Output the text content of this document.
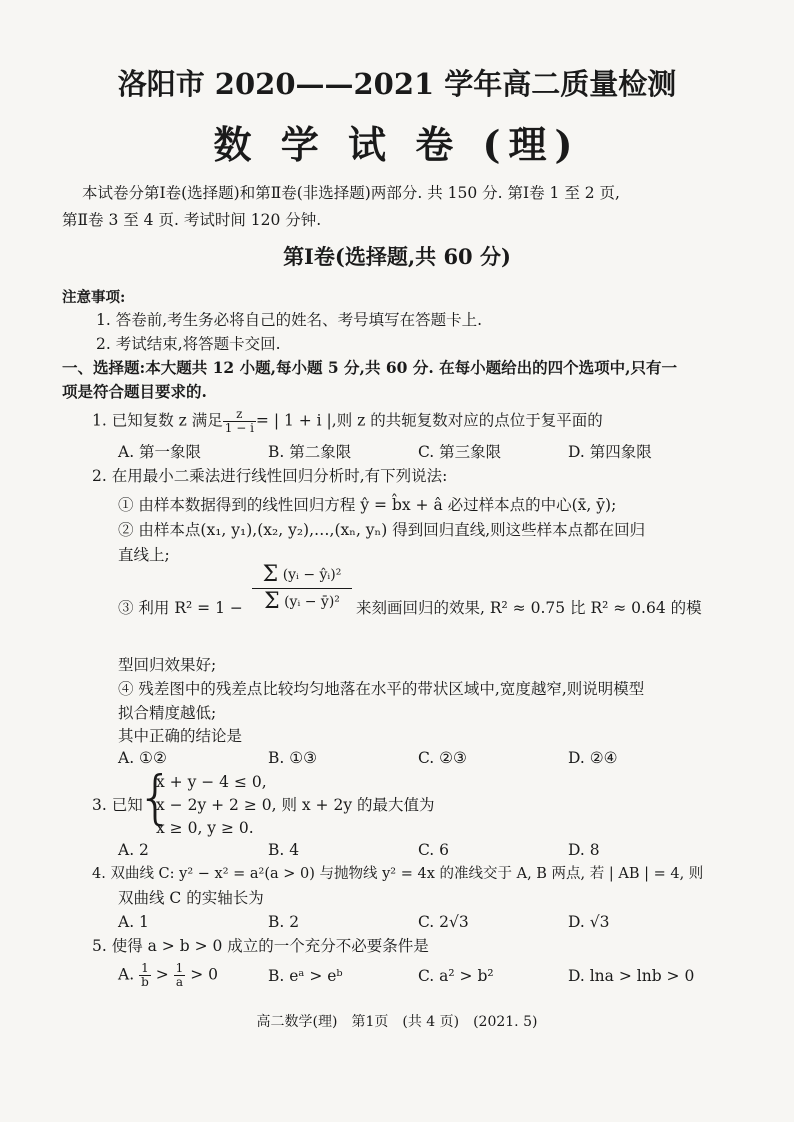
洛阳市 2020——2021 学年高二质量检测
数 学 试 卷 (理)
本试卷分第Ⅰ卷(选择题)和第Ⅱ卷(非选择题)两部分. 共 150 分. 第Ⅰ卷 1 至 2 页,
第Ⅱ卷 3 至 4 页. 考试时间 120 分钟.
第Ⅰ卷(选择题,共 60 分)
注意事项:
1. 答卷前,考生务必将自己的姓名、考号填写在答题卡上.
2. 考试结束,将答题卡交回.
一、选择题:本大题共 12 小题,每小题 5 分,共 60 分. 在每小题给出的四个选项中,只有一
项是符合题目要求的.
1. 已知复数 z 满足 $\frac{z}{1 - i}$ = | 1 + i |,则 z 的共轭复数对应的点位于复平面的
A. 第一象限	B. 第二象限	C. 第三象限	D. 第四象限
2. 在用最小二乘法进行线性回归分析时,有下列说法:
① 由样本数据得到的线性回归方程 ŷ = b̂x + â 必过样本点的中心(x̄, ȳ);
② 由样本点(x₁, y₁),(x₂, y₂),…,(xₙ, yₙ) 得到回归直线,则这些样本点都在回归
直线上;
③ 利用 R² = 1 −
Σ (yᵢ − ŷᵢ)²
Σ (yᵢ − ȳ)²	来刻画回归的效果, R² ≈ 0.75 比 R² ≈ 0.64 的模
型回归效果好;
④ 残差图中的残差点比较均匀地落在水平的带状区域中,宽度越窄,则说明模型
拟合精度越低;
其中正确的结论是
A. ①②	B. ①③	C. ②③	D. ②④
3. 已知
{
x + y − 4 ≤ 0,
x − 2y + 2 ≥ 0, 则 x + 2y 的最大值为
x ≥ 0, y ≥ 0.
A. 2	B. 4	C. 6	D. 8
4. 双曲线 C: y² − x² = a²(a > 0) 与抛物线 y² = 4x 的准线交于 A, B 两点, 若 | AB | = 4, 则
双曲线 C 的实轴长为
A. 1	B. 2	C. 2√3	D. √3
5. 使得 a > b > 0 成立的一个充分不必要条件是
A. $\frac{1}{b} > \frac{1}{a} > 0$	B. eᵃ > eᵇ	C. a² > b²	D. lna > lnb > 0
高二数学(理)　第1页　(共 4 页)　(2021. 5)
